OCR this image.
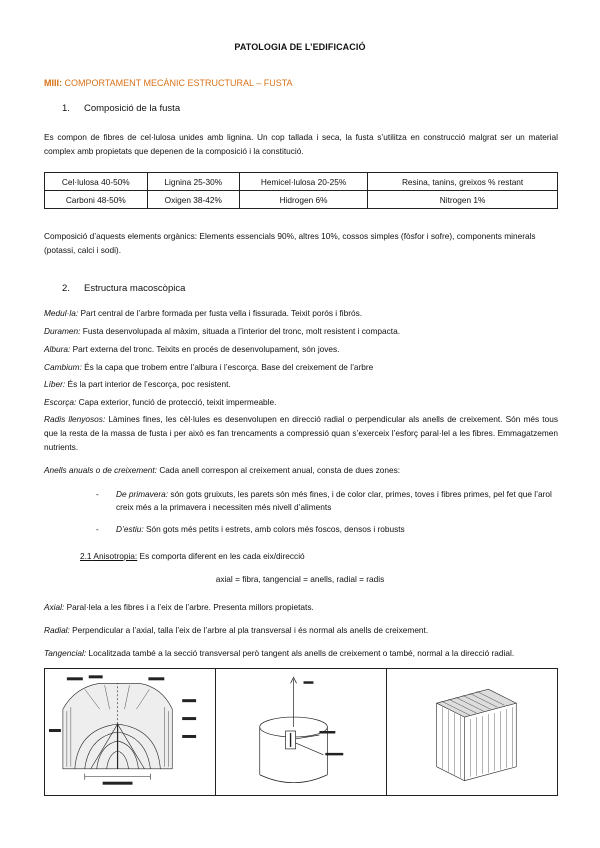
PATOLOGIA DE L’EDIFICACIÓ
MIII: COMPORTAMENT MECÀNIC ESTRUCTURAL – FUSTA
1. Composició de la fusta
Es compon de fibres de cel·lulosa unides amb lignina. Un cop tallada i seca, la fusta s’utilitza en construcció malgrat ser un material complex amb propietats que depenen de la composició i la constitució.
Cel·lulosa 40-50%	Lignina 25-30%	Hemicel·lulosa 20-25%	Resina, tanins, greixos % restant
Carboni 48-50%	Oxigen 38-42%	Hidrogen 6%	Nitrogen 1%
Composició d’aquests elements orgànics: Elements essencials 90%, altres 10%, cossos simples (fòsfor i sofre), components minerals (potassi, calci i sodi).
2. Estructura macoscòpica
Medul·la: Part central de l’arbre formada per fusta vella i fissurada. Teixit porós i fibrós.
Duramen: Fusta desenvolupada al màxim, situada a l’interior del tronc, molt resistent i compacta.
Albura: Part externa del tronc. Teixits en procés de desenvolupament, són joves.
Cambium: És la capa que trobem entre l’albura i l’escorça. Base del creixement de l’arbre
Líber: És la part interior de l’escorça, poc resistent.
Escorça: Capa exterior, funció de protecció, teixit impermeable.
Radis llenyosos: Làmines fines, les cèl·lules es desenvolupen en direcció radial o perpendicular als anells de creixement. Són més tous que la resta de la massa de fusta i per això es fan trencaments a compressió quan s’exerceix l’esforç paral·lel a les fibres. Emmagatzemen nutrients.
Anells anuals o de creixement: Cada anell correspon al creixement anual, consta de dues zones:
- De primavera: són gots gruixuts, les parets són més fines, i de color clar, primes, toves i fibres primes, pel fet que l’arol creix més a la primavera i necessiten més nivell d’aliments
- D’estiu: Són gots més petits i estrets, amb colors més foscos, densos i robusts
2.1 Anisotropia: Es comporta diferent en les cada eix/direcció
axial = fibra, tangencial = anells, radial = radis
Axial: Paral·lela a les fibres i a l’eix de l’arbre. Presenta millors propietats.
Radial: Perpendicular a l’axial, talla l’eix de l’arbre al pla transversal i és normal als anells de creixement.
Tangencial: Localitzada també a la secció transversal però tangent als anells de creixement o també, normal a la direcció radial.
